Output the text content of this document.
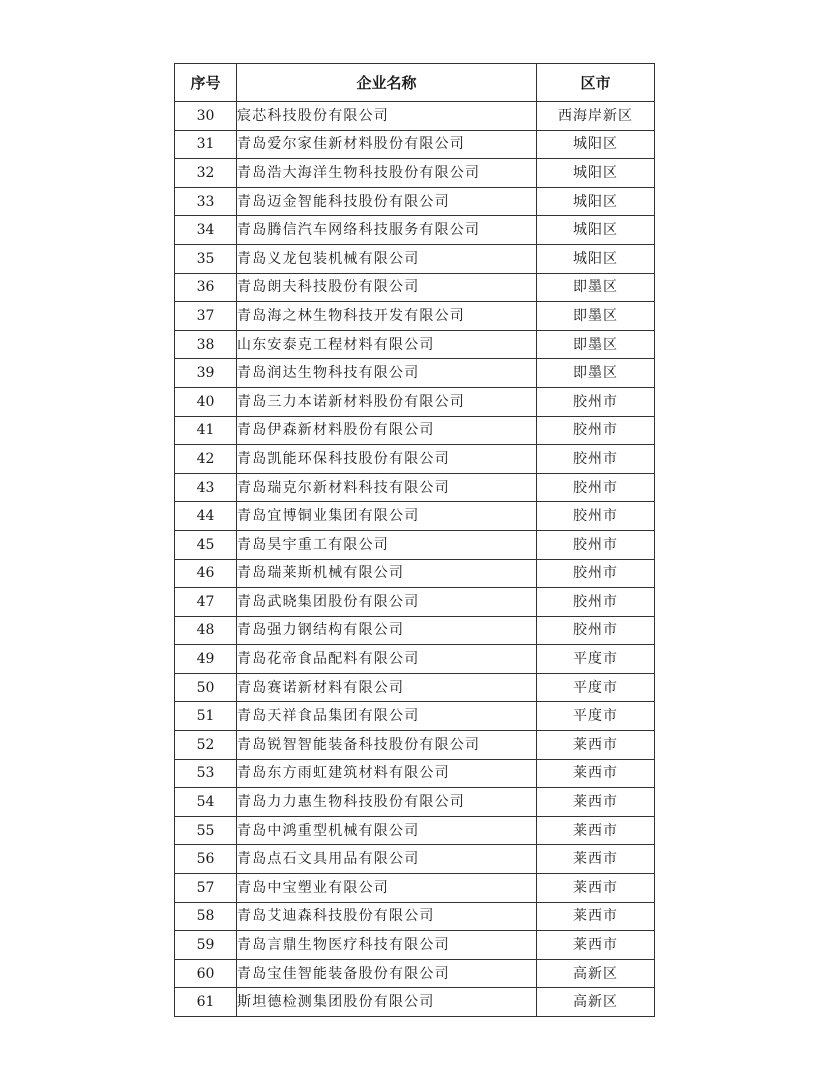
序号	企业名称	区市
30	宸芯科技股份有限公司	西海岸新区
31	青岛爱尔家佳新材料股份有限公司	城阳区
32	青岛浩大海洋生物科技股份有限公司	城阳区
33	青岛迈金智能科技股份有限公司	城阳区
34	青岛腾信汽车网络科技服务有限公司	城阳区
35	青岛义龙包装机械有限公司	城阳区
36	青岛朗夫科技股份有限公司	即墨区
37	青岛海之林生物科技开发有限公司	即墨区
38	山东安泰克工程材料有限公司	即墨区
39	青岛润达生物科技有限公司	即墨区
40	青岛三力本诺新材料股份有限公司	胶州市
41	青岛伊森新材料股份有限公司	胶州市
42	青岛凯能环保科技股份有限公司	胶州市
43	青岛瑞克尔新材料科技有限公司	胶州市
44	青岛宜博铜业集团有限公司	胶州市
45	青岛昊宇重工有限公司	胶州市
46	青岛瑞莱斯机械有限公司	胶州市
47	青岛武晓集团股份有限公司	胶州市
48	青岛强力钢结构有限公司	胶州市
49	青岛花帝食品配料有限公司	平度市
50	青岛赛诺新材料有限公司	平度市
51	青岛天祥食品集团有限公司	平度市
52	青岛锐智智能装备科技股份有限公司	莱西市
53	青岛东方雨虹建筑材料有限公司	莱西市
54	青岛力力惠生物科技股份有限公司	莱西市
55	青岛中鸿重型机械有限公司	莱西市
56	青岛点石文具用品有限公司	莱西市
57	青岛中宝塑业有限公司	莱西市
58	青岛艾迪森科技股份有限公司	莱西市
59	青岛言鼎生物医疗科技有限公司	莱西市
60	青岛宝佳智能装备股份有限公司	高新区
61	斯坦德检测集团股份有限公司	高新区
